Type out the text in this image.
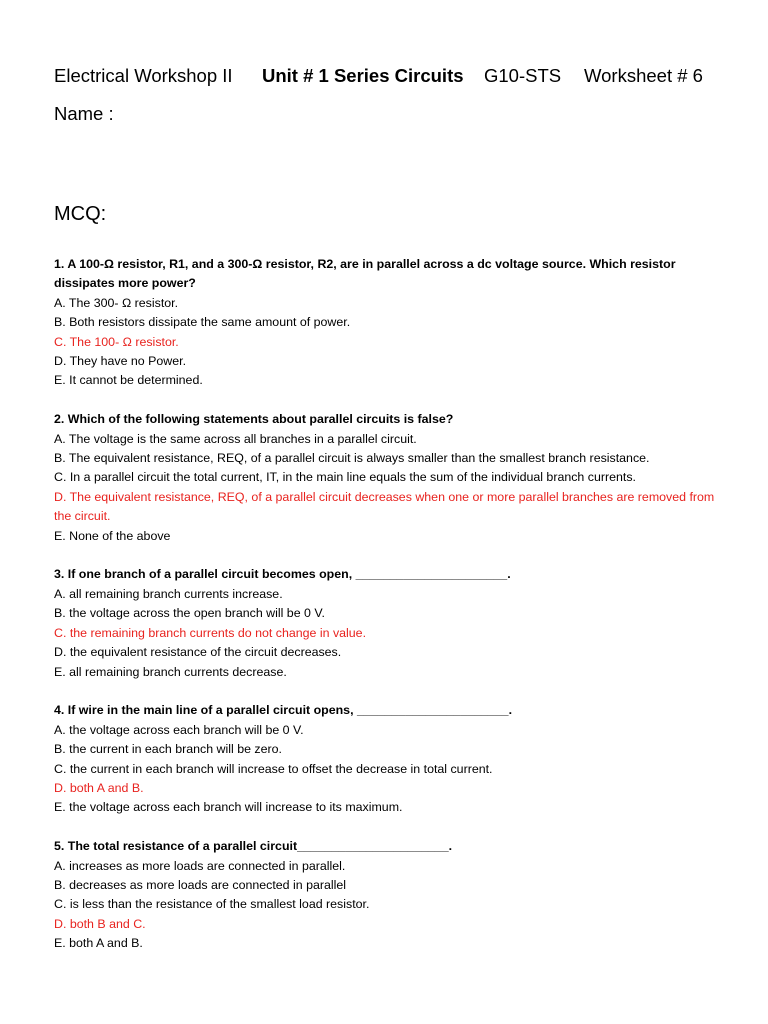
Electrical Workshop II Unit # 1 Series Circuits G10-STS Worksheet # 6
Name :
MCQ:
1. A 100-Ω resistor, R1, and a 300-Ω resistor, R2, are in parallel across a dc voltage source. Which resistor dissipates more power?
A. The 300- Ω resistor.
B. Both resistors dissipate the same amount of power.
C. The 100- Ω resistor.
D. They have no Power.
E. It cannot be determined.
2. Which of the following statements about parallel circuits is false?
A. The voltage is the same across all branches in a parallel circuit.
B. The equivalent resistance, REQ, of a parallel circuit is always smaller than the smallest branch resistance.
C. In a parallel circuit the total current, IT, in the main line equals the sum of the individual branch currents.
D. The equivalent resistance, REQ, of a parallel circuit decreases when one or more parallel branches are removed from the circuit.
E. None of the above
3. If one branch of a parallel circuit becomes open, ______________________.
A. all remaining branch currents increase.
B. the voltage across the open branch will be 0 V.
C. the remaining branch currents do not change in value.
D. the equivalent resistance of the circuit decreases.
E. all remaining branch currents decrease.
4. If wire in the main line of a parallel circuit opens, ______________________.
A. the voltage across each branch will be 0 V.
B. the current in each branch will be zero.
C. the current in each branch will increase to offset the decrease in total current.
D. both A and B.
E. the voltage across each branch will increase to its maximum.
5. The total resistance of a parallel circuit______________________.
A. increases as more loads are connected in parallel.
B. decreases as more loads are connected in parallel
C. is less than the resistance of the smallest load resistor.
D. both B and C.
E. both A and B.
